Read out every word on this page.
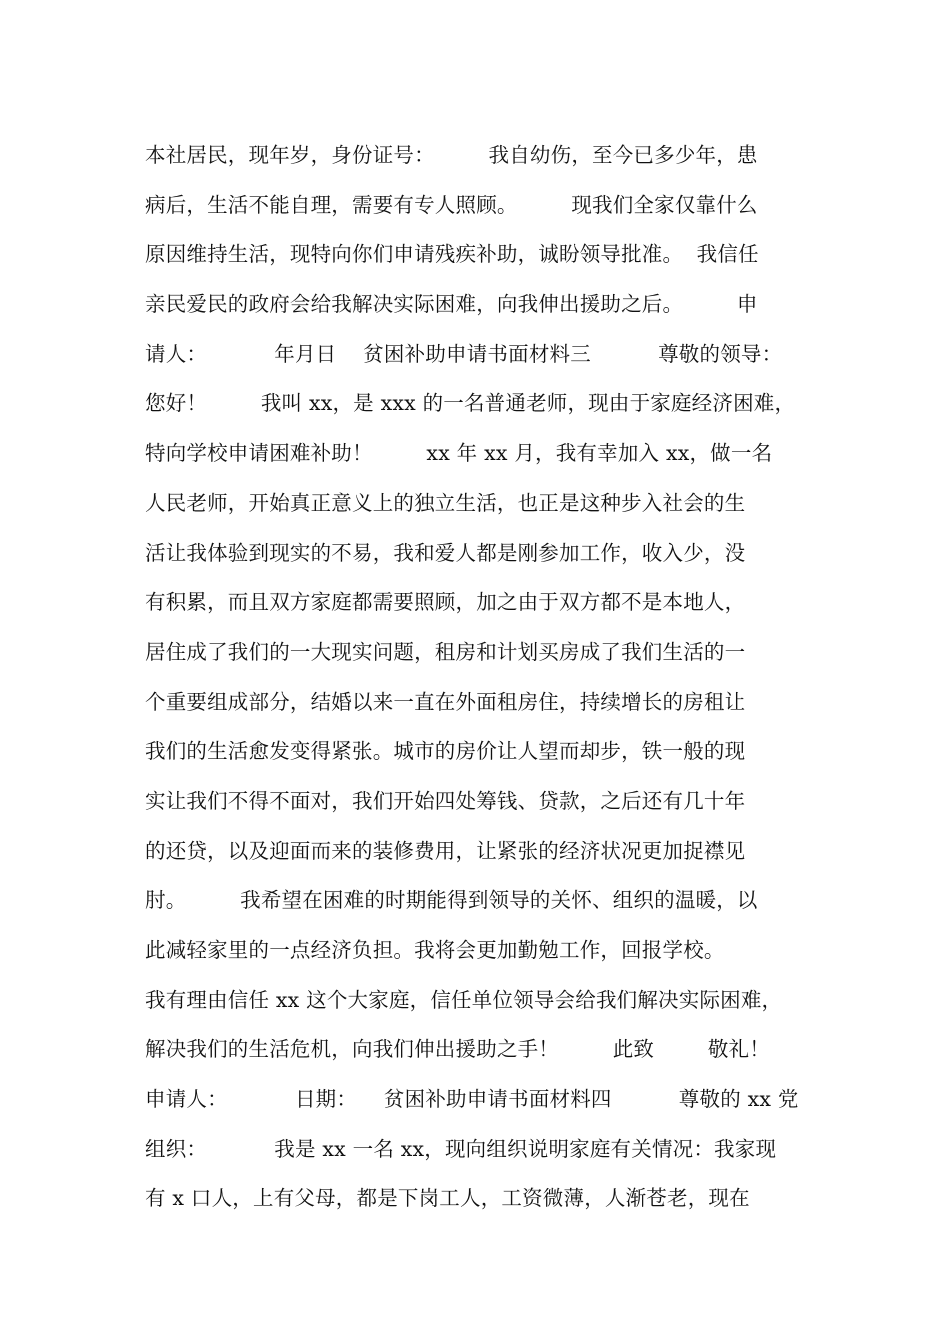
本社居民，现年岁，身份证号：        我自幼伤，至今已多少年，患
病后，生活不能自理，需要有专人照顾。        现我们全家仅靠什么
原因维持生活，现特向你们申请残疾补助，诚盼领导批准。  我信任
亲民爱民的政府会给我解决实际困难，向我伸出援助之后。        申
请人：          年月日    贫困补助申请书面材料三          尊敬的领导：
您好！        我叫 xx，是 xxx 的一名普通老师，现由于家庭经济困难，
特向学校申请困难补助！        xx 年 xx 月，我有幸加入 xx，做一名
人民老师，开始真正意义上的独立生活，也正是这种步入社会的生
活让我体验到现实的不易，我和爱人都是刚参加工作，收入少，没
有积累，而且双方家庭都需要照顾，加之由于双方都不是本地人，
居住成了我们的一大现实问题，租房和计划买房成了我们生活的一
个重要组成部分，结婚以来一直在外面租房住，持续增长的房租让
我们的生活愈发变得紧张。城市的房价让人望而却步，铁一般的现
实让我们不得不面对，我们开始四处筹钱、贷款，之后还有几十年
的还贷，以及迎面而来的装修费用，让紧张的经济状况更加捉襟见
肘。        我希望在困难的时期能得到领导的关怀、组织的温暖，以
此减轻家里的一点经济负担。我将会更加勤勉工作，回报学校。
我有理由信任 xx 这个大家庭，信任单位领导会给我们解决实际困难，
解决我们的生活危机，向我们伸出援助之手！        此致        敬礼！
申请人：          日期：    贫困补助申请书面材料四          尊敬的 xx 党
组织：          我是 xx 一名 xx，现向组织说明家庭有关情况：我家现
有 x 口人，上有父母，都是下岗工人，工资微薄，人渐苍老，现在
